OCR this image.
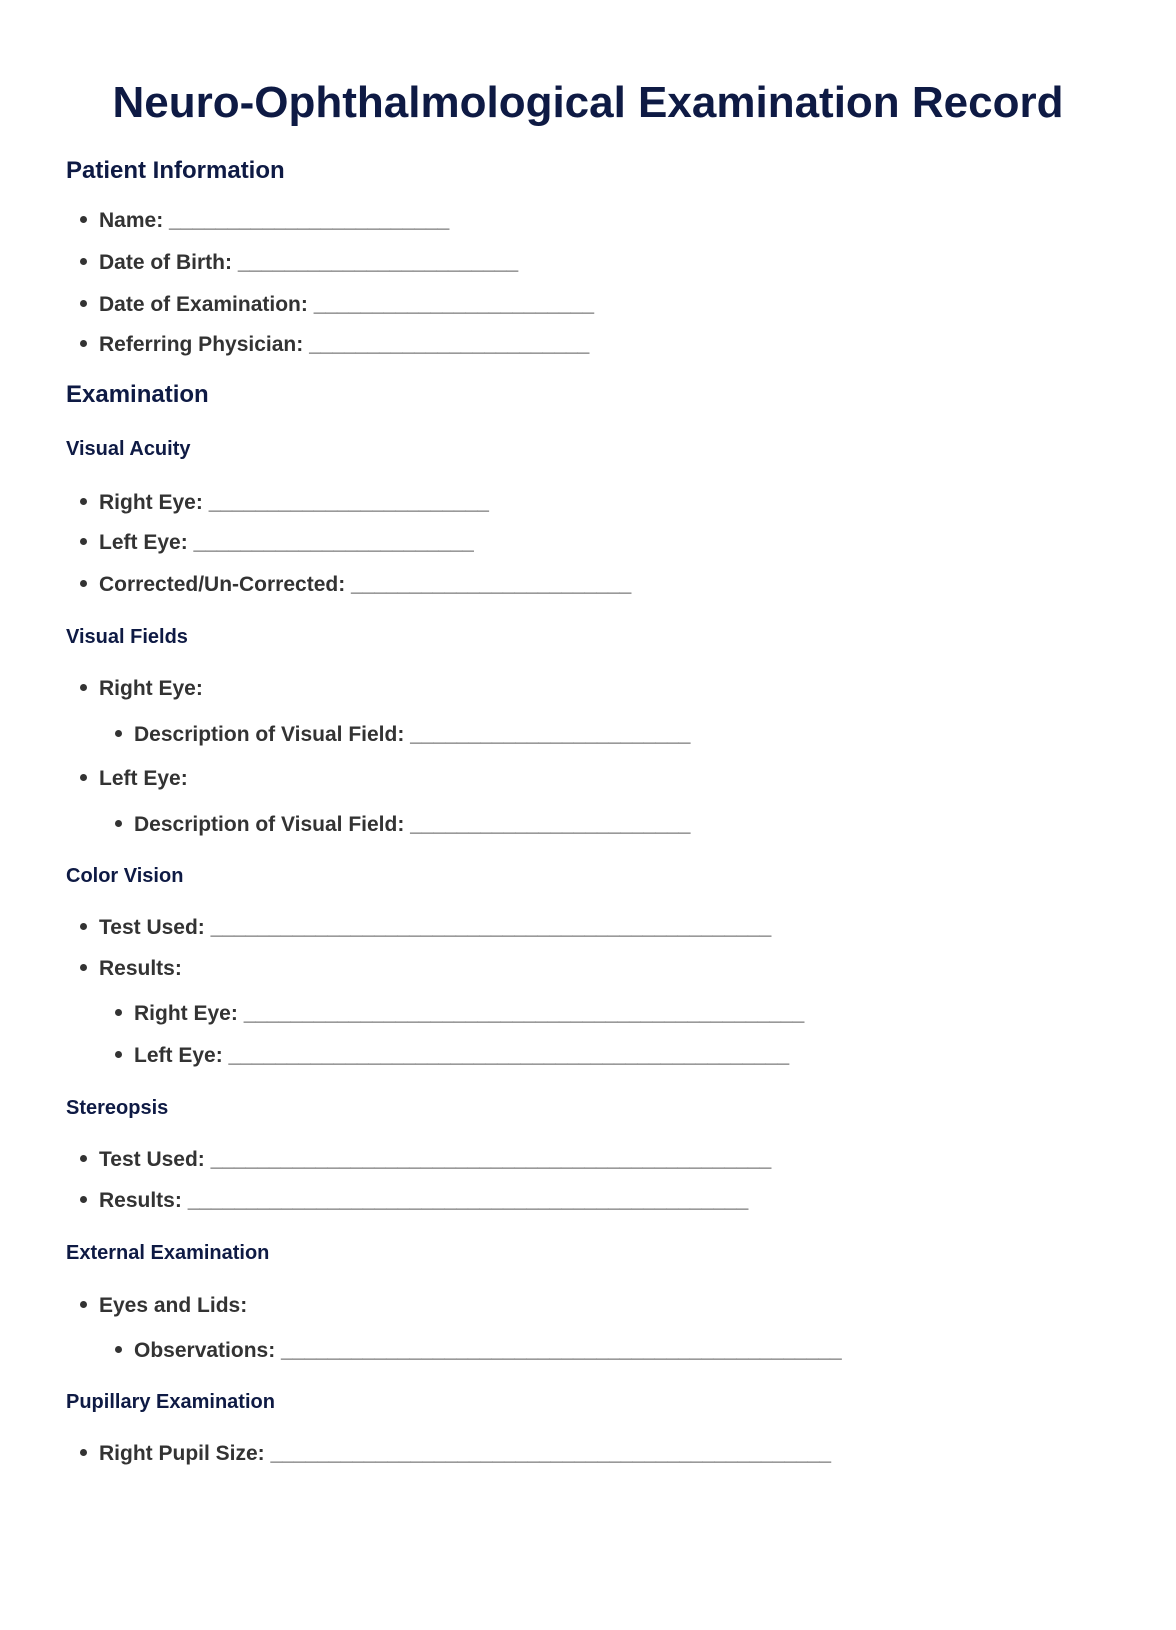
Neuro-Ophthalmological Examination Record
Patient Information
Name: ________________________
Date of Birth: ________________________
Date of Examination: ________________________
Referring Physician: ________________________
Examination
Visual Acuity
Right Eye: ________________________
Left Eye: ________________________
Corrected/Un-Corrected: ________________________
Visual Fields
Right Eye:
Description of Visual Field: ________________________
Left Eye:
Description of Visual Field: ________________________
Color Vision
Test Used: ________________________________________________
Results:
Right Eye: ________________________________________________
Left Eye: ________________________________________________
Stereopsis
Test Used: ________________________________________________
Results: ________________________________________________
External Examination
Eyes and Lids:
Observations: ________________________________________________
Pupillary Examination
Right Pupil Size: ________________________________________________
